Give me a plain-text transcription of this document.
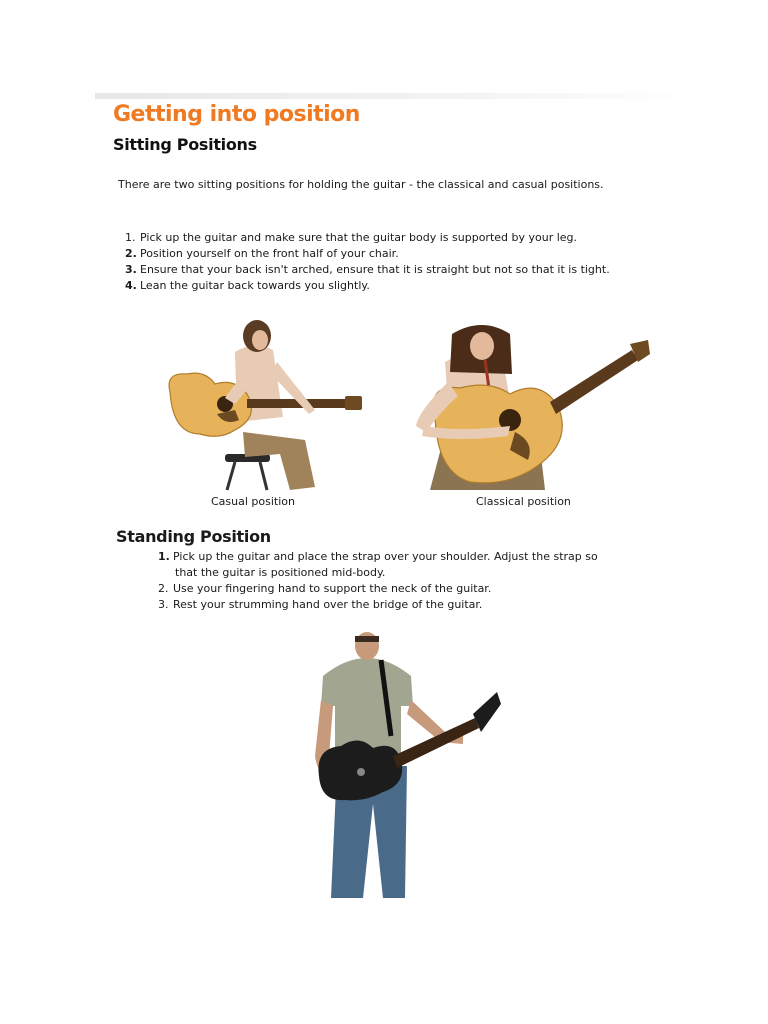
Getting into position
Sitting Positions
There are two sitting positions for holding the guitar - the classical and casual positions.
1. Pick up the guitar and make sure that the guitar body is supported by your leg.
2. Position yourself on the front half of your chair.
3. Ensure that your back isn't arched, ensure that it is straight but not so that it is tight.
4. Lean the guitar back towards you slightly.
Casual position	Classical position
Standing Position
1. Pick up the guitar and place the strap over your shoulder. Adjust the strap so
that the guitar is positioned mid-body.
2. Use your fingering hand to support the neck of the guitar.
3. Rest your strumming hand over the bridge of the guitar.
